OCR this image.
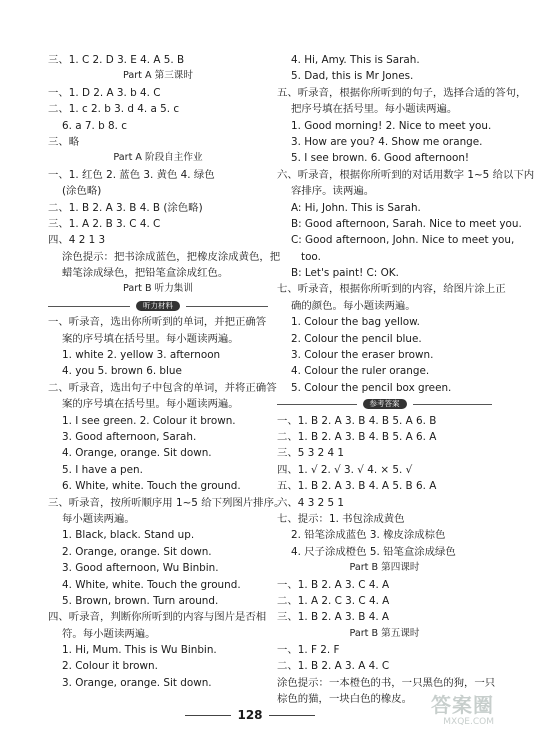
三、1. C 2. D 3. E 4. A 5. B
Part A 第三课时
一、1. D 2. A 3. b 4. C
二、1. c 2. b 3. d 4. a 5. c
6. a 7. b 8. c
三、略
Part A 阶段自主作业
一、1. 红色 2. 蓝色 3. 黄色 4. 绿色
(涂色略)
二、1. B 2. A 3. B 4. B (涂色略)
三、1. A 2. B 3. C 4. C
四、4 2 1 3
涂色提示：把书涂成蓝色，把橡皮涂成黄色，把
蜡笔涂成绿色，把铅笔盒涂成红色。
Part B 听力集训
听力材料
一、听录音，选出你所听到的单词，并把正确答
案的序号填在括号里。每小题读两遍。
1. white 2. yellow 3. afternoon
4. you 5. brown 6. blue
二、听录音，选出句子中包含的单词，并将正确答
案的序号填在括号里。每小题读两遍。
1. I see green. 2. Colour it brown.
3. Good afternoon, Sarah.
4. Orange, orange. Sit down.
5. I have a pen.
6. White, white. Touch the ground.
三、听录音，按所听顺序用 1~5 给下列图片排序。
每小题读两遍。
1. Black, black. Stand up.
2. Orange, orange. Sit down.
3. Good afternoon, Wu Binbin.
4. White, white. Touch the ground.
5. Brown, brown. Turn around.
四、听录音，判断你所听到的内容与图片是否相
符。每小题读两遍。
1. Hi, Mum. This is Wu Binbin.
2. Colour it brown.
3. Orange, orange. Sit down.
4. Hi, Amy. This is Sarah.
5. Dad, this is Mr Jones.
五、听录音，根据你所听到的句子，选择合适的答句，
把序号填在括号里。每小题读两遍。
1. Good morning! 2. Nice to meet you.
3. How are you? 4. Show me orange.
5. I see brown. 6. Good afternoon!
六、听录音，根据你所听到的对话用数字 1~5 给以下内
容排序。读两遍。
A: Hi, John. This is Sarah.
B: Good afternoon, Sarah. Nice to meet you.
C: Good afternoon, John. Nice to meet you,
too.
B: Let's paint! C: OK.
七、听录音，根据你所听到的内容，给图片涂上正
确的颜色。每小题读两遍。
1. Colour the bag yellow.
2. Colour the pencil blue.
3. Colour the eraser brown.
4. Colour the ruler orange.
5. Colour the pencil box green.
参考答案
一、1. B 2. A 3. B 4. B 5. A 6. B
二、1. B 2. A 3. B 4. B 5. A 6. A
三、5 3 2 4 1
四、1. √ 2. √ 3. √ 4. × 5. √
五、1. B 2. A 3. B 4. A 5. B 6. A
六、4 3 2 5 1
七、提示：1. 书包涂成黄色
2. 铅笔涂成蓝色 3. 橡皮涂成棕色
4. 尺子涂成橙色 5. 铅笔盒涂成绿色
Part B 第四课时
一、1. B 2. A 3. C 4. A
二、1. A 2. C 3. C 4. A
三、1. B 2. A 3. B 4. A
Part B 第五课时
一、1. F 2. F
二、1. B 2. A 3. A 4. C
涂色提示：一本橙色的书，一只黑色的狗，一只
棕色的猫，一块白色的橡皮。
128	答案圈
MXQE.COM
